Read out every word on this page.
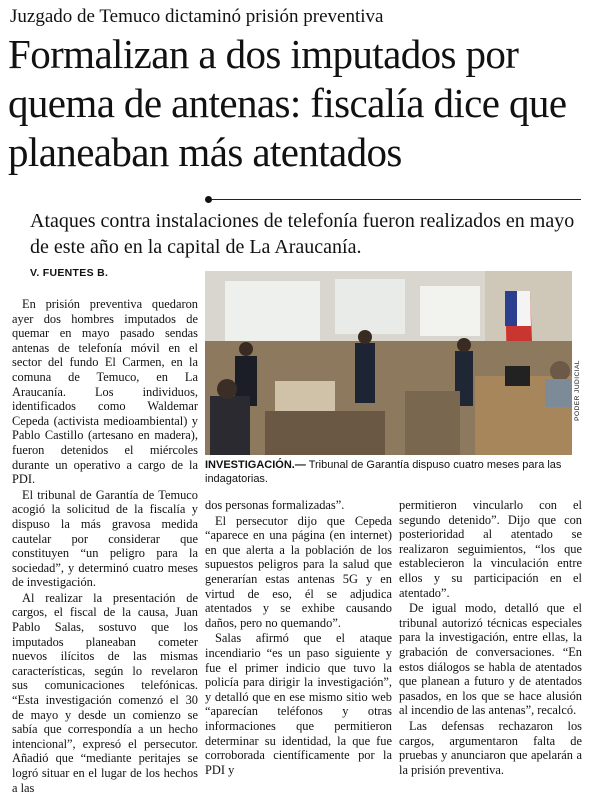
Juzgado de Temuco dictaminó prisión preventiva
Formalizan a dos imputados por quema de antenas: fiscalía dice que planeaban más atentados
Ataques contra instalaciones de telefonía fueron realizados en mayo de este año en la capital de La Araucanía.
V. FUENTES B.

En prisión preventiva quedaron ayer dos hombres imputados de quemar en mayo pasado sendas antenas de telefonía móvil en el sector del fundo El Carmen, en la comuna de Temuco, en La Araucanía. Los individuos, identificados como Waldemar Cepeda (activista medioambiental) y Pablo Castillo (artesano en madera), fueron detenidos el miércoles durante un operativo a cargo de la PDI.

El tribunal de Garantía de Temuco acogió la solicitud de la fiscalía y dispuso la más gravosa medida cautelar por considerar que constituyen “un peligro para la sociedad”, y determinó cuatro meses de investigación.

Al realizar la presentación de cargos, el fiscal de la causa, Juan Pablo Salas, sostuvo que los imputados planeaban cometer nuevos ilícitos de las mismas características, según lo revelaron sus comunicaciones telefónicas. “Esta investigación comenzó el 30 de mayo y desde un comienzo se sabía que correspondía a un hecho intencional”, expresó el persecutor. Añadió que “mediante peritajes se logró situar en el lugar de los hechos a las

PODER JUDICIAL
INVESTIGACIÓN.— Tribunal de Garantía dispuso cuatro meses para las indagatorias.

dos personas formalizadas”.

El persecutor dijo que Cepeda “aparece en una página (en internet) en que alerta a la población de los supuestos peligros para la salud que generarían estas antenas 5G y en virtud de eso, él se adjudica atentados y se exhibe causando daños, pero no quemando”.

Salas afirmó que el ataque incendiario “es un paso siguiente y fue el primer indicio que tuvo la policía para dirigir la investigación”, y detalló que en ese mismo sitio web “aparecían teléfonos y otras informaciones que permitieron determinar su identidad, la que fue corroborada científicamente por la PDI y

permitieron vincularlo con el segundo detenido”. Dijo que con posterioridad al atentado se realizaron seguimientos, “los que establecieron la vinculación entre ellos y su participación en el atentado”.

De igual modo, detalló que el tribunal autorizó técnicas especiales para la investigación, entre ellas, la grabación de conversaciones. “En estos diálogos se habla de atentados que planean a futuro y de atentados pasados, en los que se hace alusión al incendio de las antenas”, recalcó.

Las defensas rechazaron los cargos, argumentaron falta de pruebas y anunciaron que apelarán a la prisión preventiva.
